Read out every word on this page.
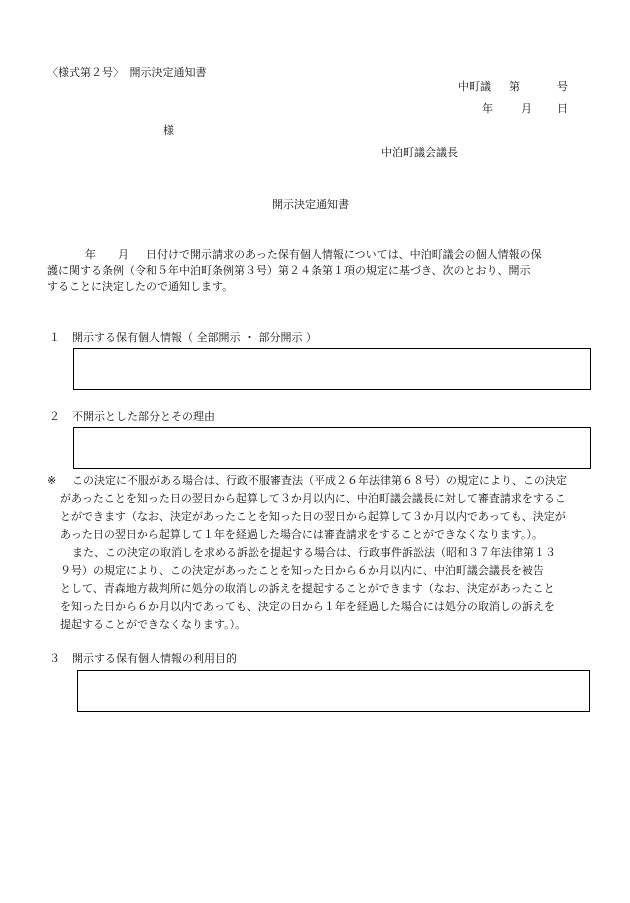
〈様式第２号〉　開示決定通知書
中町議 第	号
年	月 日
様
中泊町議会議長
開示決定通知書
年 月 日付けで開示請求のあった保有個人情報については、中泊町議会の個人情報の保
護に関する条例（令和５年中泊町条例第３号）第２４条第１項の規定に基づき、次のとおり、開示
することに決定したので通知します。
１ 開示する保有個人情報（ 全部開示 ・ 部分開示 ）
２ 不開示とした部分とその理由
※ この決定に不服がある場合は、行政不服審査法（平成２６年法律第６８号）の規定により、この決定
があったことを知った日の翌日から起算して３か月以内に、中泊町議会議長に対して審査請求をするこ
とができます（なお、決定があったことを知った日の翌日から起算して３か月以内であっても、決定が
あった日の翌日から起算して１年を経過した場合には審査請求をすることができなくなります。）。
また、この決定の取消しを求める訴訟を提起する場合は、行政事件訴訟法（昭和３７年法律第１３
９号）の規定により、この決定があったことを知った日から６か月以内に、中泊町議会議長を被告
として、青森地方裁判所に処分の取消しの訴えを提起することができます（なお、決定があったこと
を知った日から６か月以内であっても、決定の日から１年を経過した場合には処分の取消しの訴えを
提起することができなくなります。）。
３ 開示する保有個人情報の利用目的
